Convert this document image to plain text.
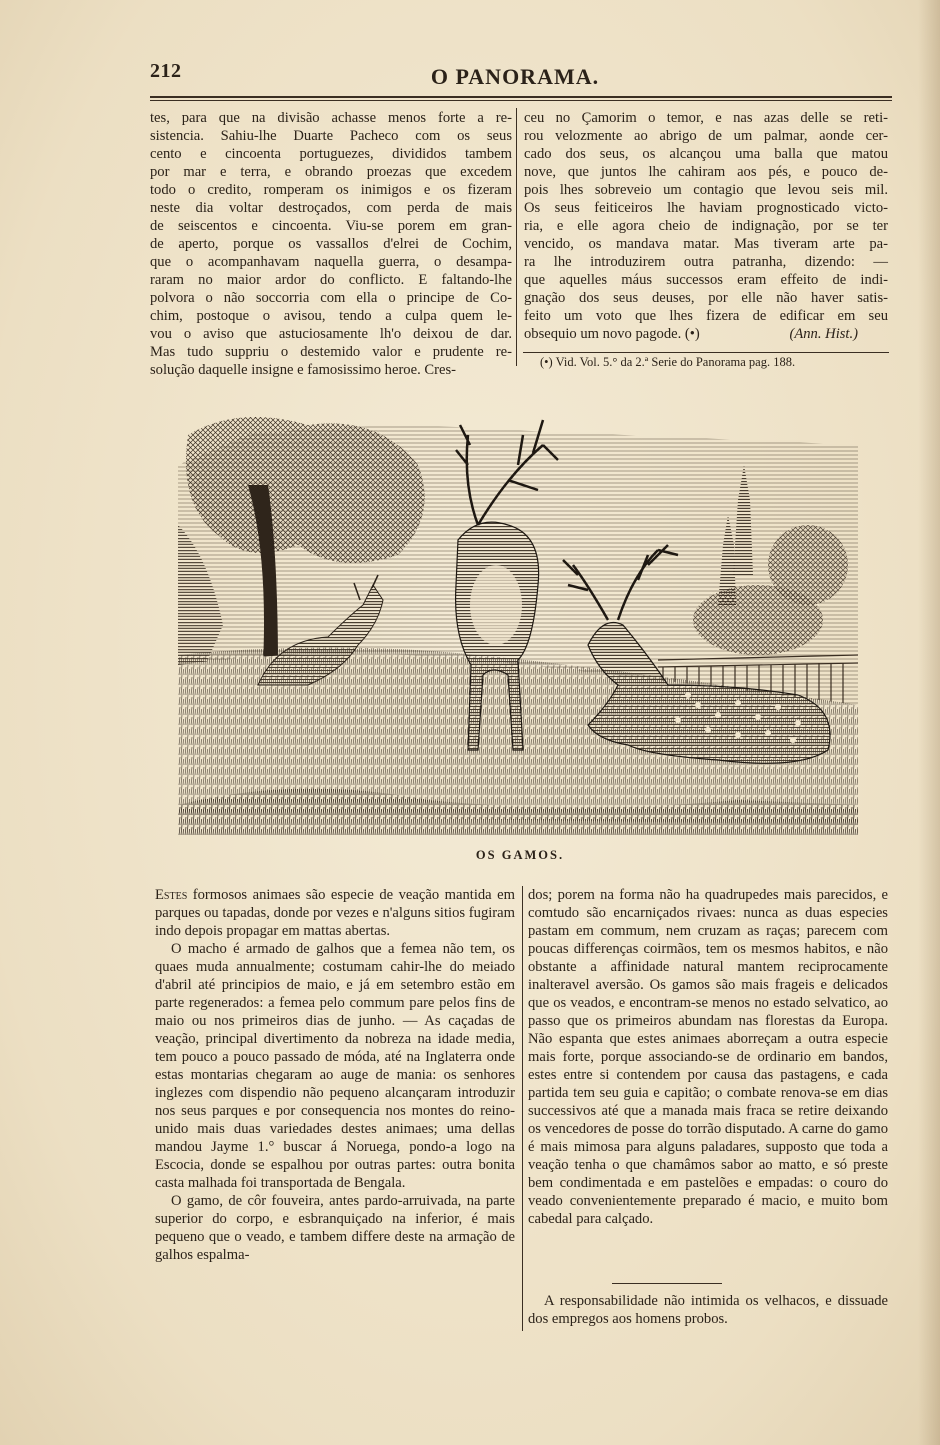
212	O PANORAMA.
tes, para que na divisão achasse menos forte a re-
sistencia. Sahiu-lhe Duarte Pacheco com os seus
cento e cincoenta portuguezes, divididos tambem
por mar e terra, e obrando proezas que excedem
todo o credito, romperam os inimigos e os fizeram
neste dia voltar destroçados, com perda de mais
de seiscentos e cincoenta. Viu-se porem em gran-
de aperto, porque os vassallos d'elrei de Cochim,
que o acompanhavam naquella guerra, o desampa-
raram no maior ardor do conflicto. E faltando-lhe
polvora o não soccorria com ella o principe de Co-
chim, postoque o avisou, tendo a culpa quem le-
vou o aviso que astuciosamente lh'o deixou de dar.
Mas tudo suppriu o destemido valor e prudente re-
solução daquelle insigne e famosissimo heroe. Cres-
ceu no Çamorim o temor, e nas azas delle se reti-
rou velozmente ao abrigo de um palmar, aonde cer-
cado dos seus, os alcançou uma balla que matou
nove, que juntos lhe cahiram aos pés, e pouco de-
pois lhes sobreveio um contagio que levou seis mil.
Os seus feiticeiros lhe haviam prognosticado victo-
ria, e elle agora cheio de indignação, por se ter
vencido, os mandava matar. Mas tiveram arte pa-
ra lhe introduzirem outra patranha, dizendo: —
que aquelles máus successos eram effeito de indi-
gnação dos seus deuses, por elle não haver satis-
feito um voto que lhes fizera de edificar em seu
obsequio um novo pagode. (•)	(Ann. Hist.)

(•) Vid. Vol. 5.° da 2.ª Serie do Panorama pag. 188.
OS GAMOS.

Estes formosos animaes são especie de veação mantida em parques ou tapadas, donde por vezes e n'alguns sitios fugiram indo depois propagar em mattas abertas.

O macho é armado de galhos que a femea não tem, os quaes muda annualmente; costumam cahir-lhe do meiado d'abril até principios de maio, e já em setembro estão em parte regenerados: a femea pelo commum pare pelos fins de maio ou nos primeiros dias de junho. — As caçadas de veação, principal divertimento da nobreza na idade media, tem pouco a pouco passado de móda, até na Inglaterra onde estas montarias chegaram ao auge de mania: os senhores inglezes com dispendio não pequeno alcançaram introduzir nos seus parques e por consequencia nos montes do reino-unido mais duas variedades destes animaes; uma dellas mandou Jayme 1.° buscar á Noruega, pondo-a logo na Escocia, donde se espalhou por outras partes: outra bonita casta malhada foi transportada de Bengala.

O gamo, de côr fouveira, antes pardo-arruivada, na parte superior do corpo, e esbranquiçado na inferior, é mais pequeno que o veado, e tambem differe deste na armação de galhos espalma-

dos; porem na forma não ha quadrupedes mais parecidos, e comtudo são encarniçados rivaes: nunca as duas especies pastam em commum, nem cruzam as raças; parecem com poucas differenças coirmãos, tem os mesmos habitos, e não obstante a affinidade natural mantem reciprocamente inalteravel aversão. Os gamos são mais frageis e delicados que os veados, e encontram-se menos no estado selvatico, ao passo que os primeiros abundam nas florestas da Europa. Não espanta que estes animaes aborreçam a outra especie mais forte, porque associando-se de ordinario em bandos, estes entre si contendem por causa das pastagens, e cada partida tem seu guia e capitão; o combate renova-se em dias successivos até que a manada mais fraca se retire deixando os vencedores de posse do torrão disputado. A carne do gamo é mais mimosa para alguns paladares, supposto que toda a veação tenha o que chamâmos sabor ao matto, e só preste bem condimentada e em pastelões e empadas: o couro do veado convenientemente preparado é macio, e muito bom cabedal para calçado.

A responsabilidade não intimida os velhacos, e dissuade dos empregos aos homens probos.
